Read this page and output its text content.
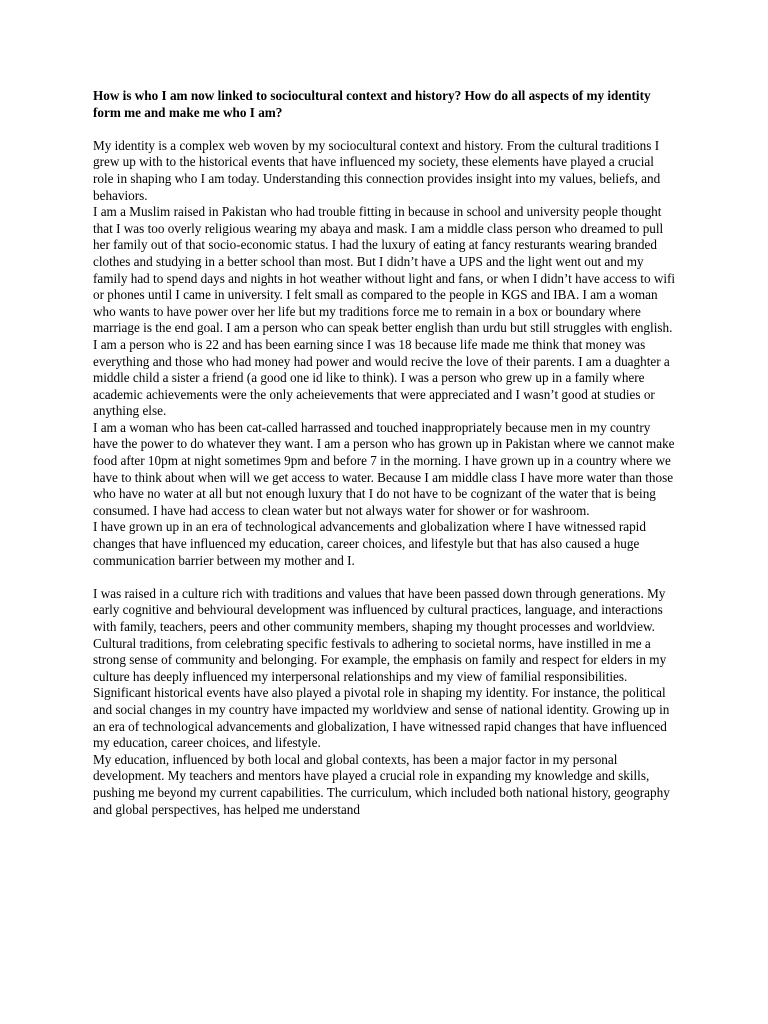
How is who I am now linked to sociocultural context and history? How do all aspects of my identity form me and make me who I am?

My identity is a complex web woven by my sociocultural context and history. From the cultural traditions I grew up with to the historical events that have influenced my society, these elements have played a crucial role in shaping who I am today. Understanding this connection provides insight into my values, beliefs, and behaviors.

I am a Muslim raised in Pakistan who had trouble fitting in because in school and university people thought that I was too overly religious wearing my abaya and mask. I am a middle class person who dreamed to pull her family out of that socio-economic status. I had the luxury of eating at fancy resturants wearing branded clothes and studying in a better school than most. But I didn’t have a UPS and the light went out and my family had to spend days and nights in hot weather without light and fans, or when I didn’t have access to wifi or phones until I came in university. I felt small as compared to the people in KGS and IBA. I am a woman who wants to have power over her life but my traditions force me to remain in a box or boundary where marriage is the end goal. I am a person who can speak better english than urdu but still struggles with english. I am a person who is 22 and has been earning since I was 18 because life made me think that money was everything and those who had money had power and would recive the love of their parents. I am a duaghter a middle child a sister a friend (a good one id like to think). I was a person who grew up in a family where academic achievements were the only acheievements that were appreciated and I wasn’t good at studies or anything else.

I am a woman who has been cat-called harrassed and touched inappropriately because men in my country have the power to do whatever they want. I am a person who has grown up in Pakistan where we cannot make food after 10pm at night sometimes 9pm and before 7 in the morning. I have grown up in a country where we have to think about when will we get access to water. Because I am middle class I have more water than those who have no water at all but not enough luxury that I do not have to be cognizant of the water that is being consumed. I have had access to clean water but not always water for shower or for washroom.

I have grown up in an era of technological advancements and globalization where I have witnessed rapid changes that have influenced my education, career choices, and lifestyle but that has also caused a huge communication barrier between my mother and I.

I was raised in a culture rich with traditions and values that have been passed down through generations. My early cognitive and behvioural development was influenced by cultural practices, language, and interactions with family, teachers, peers and other community members, shaping my thought processes and worldview. Cultural traditions, from celebrating specific festivals to adhering to societal norms, have instilled in me a strong sense of community and belonging. For example, the emphasis on family and respect for elders in my culture has deeply influenced my interpersonal relationships and my view of familial responsibilities.

Significant historical events have also played a pivotal role in shaping my identity. For instance, the political and social changes in my country have impacted my worldview and sense of national identity. Growing up in an era of technological advancements and globalization, I have witnessed rapid changes that have influenced my education, career choices, and lifestyle.

My education, influenced by both local and global contexts, has been a major factor in my personal development. My teachers and mentors have played a crucial role in expanding my knowledge and skills, pushing me beyond my current capabilities. The curriculum, which included both national history, geography and global perspectives, has helped me understand
